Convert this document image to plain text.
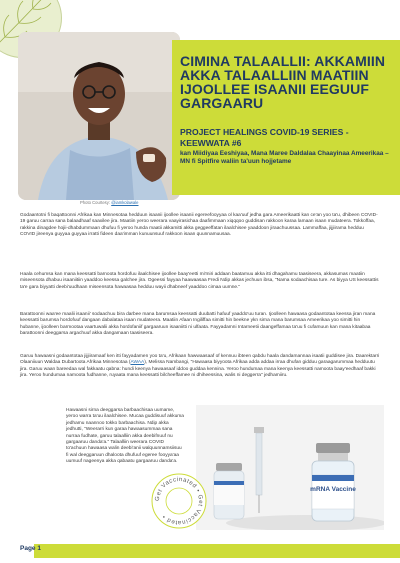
CIMINA TALAALLII: AKKAMIIN AKKA TALAALLIIN MAATIIN IJOOLLEE ISAANII EEGUUF GARGAARU
PROJECT HEALINGS COVID-19 SERIES - KEEWWATA #6

kan Miidiyaa Eeshiyaa, Mana Maree Daldalaa Chaayinaa Ameerikaa – MN fi Spitfire waliin ta'uun hojjetame

Photo Courtesy: @iamkolawale

Godaantotni fi baqattoonni Afrikaa kan Minnesotaa hedduun isaanii ijoollee isaanii egereefooyyaa ol kaa'uuf jedha gara Ameerikaatti kan ce'an yoo ta'u, dhibeen COVID-19 garuu carraa sana balaadhaaf saaxilee jira. Maatiin yeroo weerara vaayirasichaa daafimmaan xiqqqoo guddisan rakkoon karaa lamaan isaan mudateera. Tokkoffaa, rakkina dinagdee hojii-dhabdummaan dhufuu fi yeroo hunda maatii akkamitti akka geggeeffatan ilaalchisee yaaddoon jiraachuussaa. Lammaffaa, jijjiirama hedduu COVID jireenya guyyaa guyyaa irratti fideen daa'imman kunuunsuuf rakkoon isaan quunnamuusaa.

Haala cehumsa kan mana keessatti barnoota hordofuu ilaalchisee ijoollee baay'eetti mi'miri addaan baatamuu akka itti dhagahamu taasiseera, akkasumas maatiin miseensota dhabuu isaaniitiin yaaddoo keessa galchee jira. Ogeessi fayyaa haawaasaa Fredi Ndip akkas jechuun ibsa, "Nama sodaachisaa ture. As biyya US keessattis ta'e gara biyyatti deebi'uudhaan miseensota hawaasaa hedduu wayii dhabneef yaaddoo cimaa uumne."

Barattoonni waa'ee maalii isaanii' sodaachuu bira darbee mana barumsaa keessatti duubatti hafuuf yaaddo'uu turan. Ijoolleen hawaasa godaantotaa keessa jiran mana keessatti barumsa hordofuuf dangaan dabalataa isaan mudateera. Maatiin Afaan Ingiliffaa simitti hin beekne ykn sirna mana barumsaa Ameerikaa yoo simitti hin hubanne, ijoolleen barmootaa vaartuwalii akka hordofaniif gargaaruun isaaniitti ni ulfaata. Fayyadamni Intarneetii daangeffamaa ta'uu fi cufamuun kan mana kitaabaa barattoonni deeggarsa argachuuf akka dangamaan taasiseera.

Garuu hawaasni godaantotaa jijjiiramaaf ken itti fayyadamen yoo ta'u, Afrikaan hawwaasaaf of kennuu ibteen qabdu haala dandamannaa isaatii guddisee jira. Daarektarri Olaaniiuun Waldaa Dubartoota Afrikaa Minnesotaa (AWAA), Melissa Nambangi, "Hawaasa biyyoota Afrikaa adda addaa irraa dhufan gidduu garaagarummaa hedduutu jira. Garuu waan bareedaa wal fakkaatu qabna: hundi keenya hawaasaaf iddoo guddaa kennina. Yeroo hundumaa mana keenya keessatti namoota baay'eedhaaf bakki jira. Yeroo hundumaa namoota fudhanne, ruyaata mana keessatti bilcheeffamee ni dhiheessina, walis ni deggerra" jedhamiiru.

Hawaasni sirna deeggarsa barbaachisaa uumame, yeroo warra ta'uu ilaalchisee. Mucaa guddisuuf akkuma jedhamu naannoo tokko barbaachisa. Ndip akka jedhutti, "Weerarri kun garaa hawaasummaa sana nurraa fudhate, garuu talaalliin akka deebifnuuf nu gargaaruu danda'a." Talaalliin weerara COVID to'achuun hawaasa walin deebi'anii walquunnamsiisuu fi wal deeggaruun dhaloota dhufuuf egeree fooyya'aa uumuuf nageenya akka qabaatu gargaaruu danda'a.

mRNA Vaccine
Get Vaccinated • Get Vaccinated •
Page 1
